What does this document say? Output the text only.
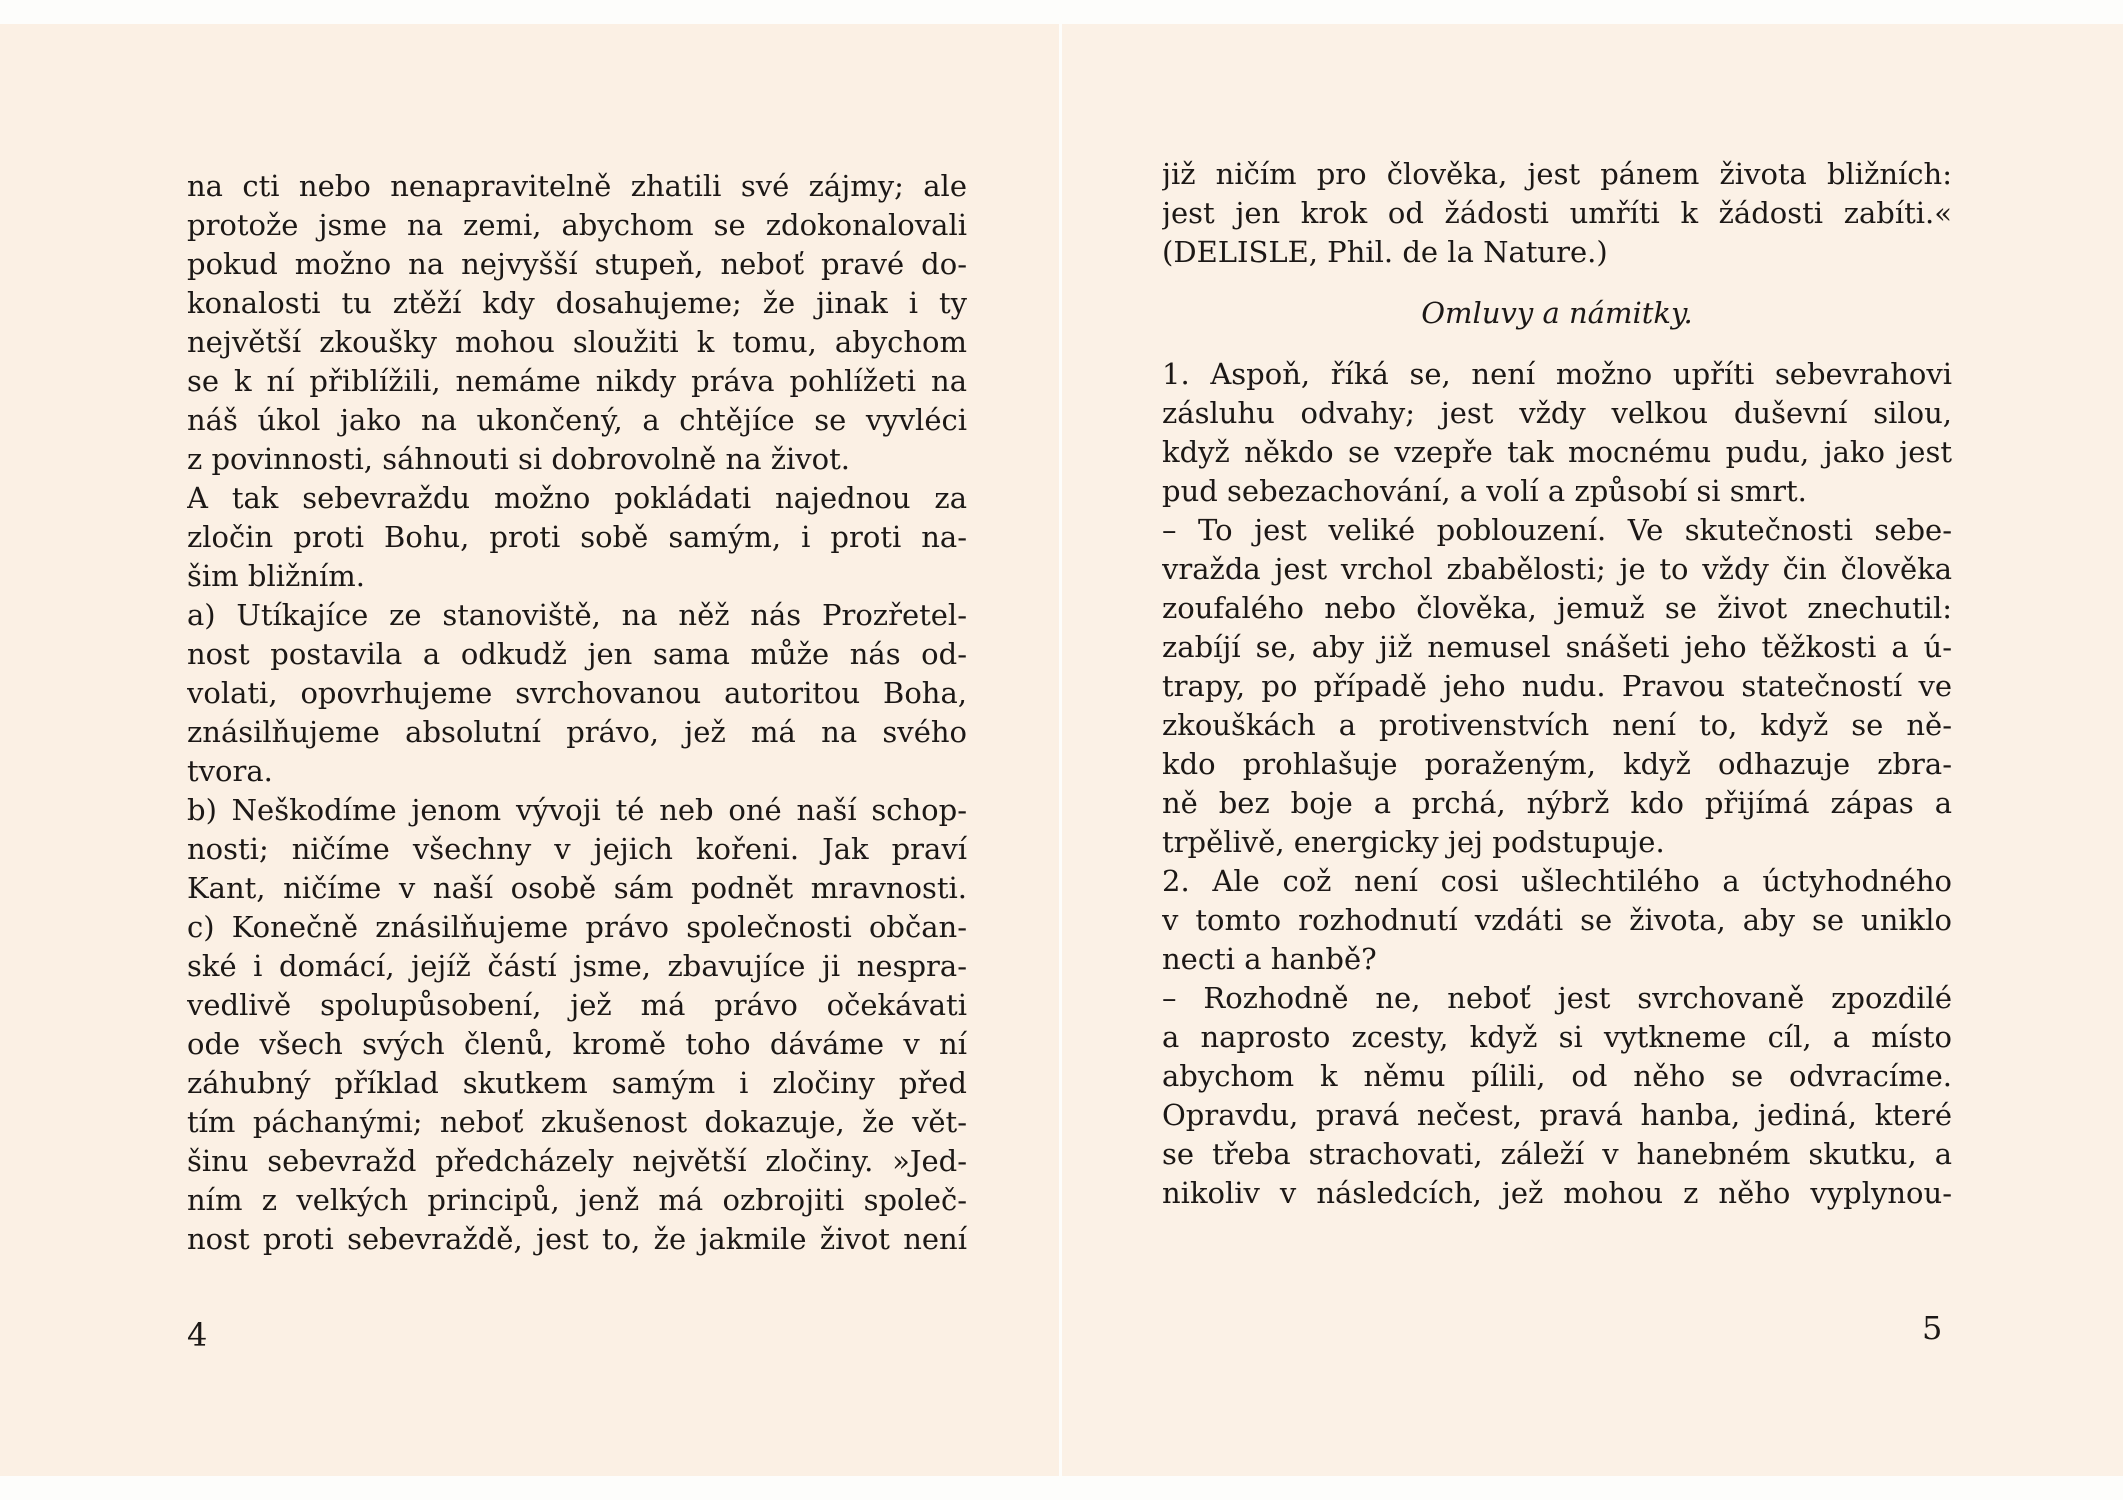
na cti nebo nenapravitelně zhatili své zájmy; ale
protože jsme na zemi, abychom se zdokonalovali
pokud možno na nejvyšší stupeň, neboť pravé do-
konalosti tu ztěží kdy dosahujeme; že jinak i ty
největší zkoušky mohou sloužiti k tomu, abychom
se k ní přiblížili, nemáme nikdy práva pohlížeti na
náš úkol jako na ukončený, a chtějíce se vyvléci
z povinnosti, sáhnouti si dobrovolně na život.
A tak sebevraždu možno pokládati najednou za
zločin proti Bohu, proti sobě samým, i proti na-
šim bližním.
a) Utíkajíce ze stanoviště, na něž nás Prozřetel-
nost postavila a odkudž jen sama může nás od-
volati, opovrhujeme svrchovanou autoritou Boha,
znásilňujeme absolutní právo, jež má na svého
tvora.
b) Neškodíme jenom vývoji té neb oné naší schop-
nosti; ničíme všechny v jejich kořeni. Jak praví
Kant, ničíme v naší osobě sám podnět mravnosti.
c) Konečně znásilňujeme právo společnosti občan-
ské i domácí, jejíž částí jsme, zbavujíce ji nespra-
vedlivě spolupůsobení, jež má právo očekávati
ode všech svých členů, kromě toho dáváme v ní
záhubný příklad skutkem samým i zločiny před
tím páchanými; neboť zkušenost dokazuje, že vět-
šinu sebevražd předcházely největší zločiny. »Jed-
ním z velkých principů, jenž má ozbrojiti společ-
nost proti sebevraždě, jest to, že jakmile život není
4
již ničím pro člověka, jest pánem života bližních:
jest jen krok od žádosti umříti k žádosti zabíti.«
(DELISLE, Phil. de la Nature.)
Omluvy a námitky.
1. Aspoň, říká se, není možno upříti sebevrahovi
zásluhu odvahy; jest vždy velkou duševní silou,
když někdo se vzepře tak mocnému pudu, jako jest
pud sebezachování, a volí a způsobí si smrt.
– To jest veliké poblouzení. Ve skutečnosti sebe-
vražda jest vrchol zbabělosti; je to vždy čin člověka
zoufalého nebo člověka, jemuž se život znechutil:
zabíjí se, aby již nemusel snášeti jeho těžkosti a ú-
trapy, po případě jeho nudu. Pravou statečností ve
zkouškách a protivenstvích není to, když se ně-
kdo prohlašuje poraženým, když odhazuje zbra-
ně bez boje a prchá, nýbrž kdo přijímá zápas a
trpělivě, energicky jej podstupuje.
2. Ale což není cosi ušlechtilého a úctyhodného
v tomto rozhodnutí vzdáti se života, aby se uniklo
necti a hanbě?
– Rozhodně ne, neboť jest svrchovaně zpozdilé
a naprosto zcesty, když si vytkneme cíl, a místo
abychom k němu pílili, od něho se odvracíme.
Opravdu, pravá nečest, pravá hanba, jediná, které
se třeba strachovati, záleží v hanebném skutku, a
nikoliv v následcích, jež mohou z něho vyplynou-
5
